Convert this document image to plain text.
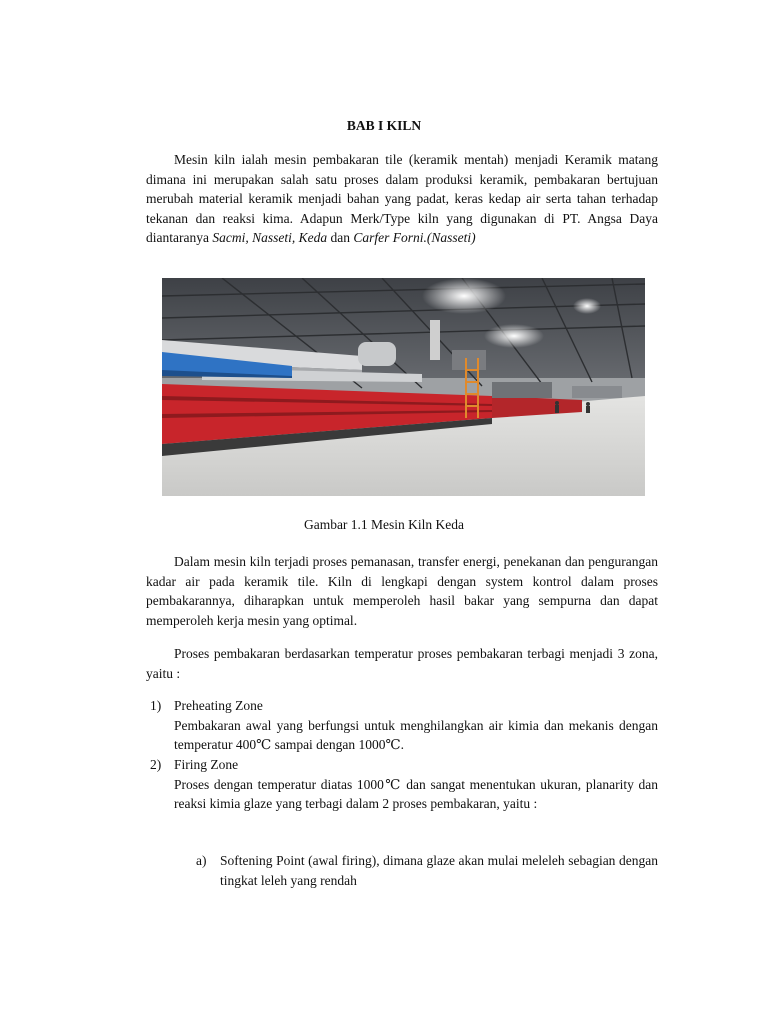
BAB I KILN

Mesin kiln ialah mesin pembakaran tile (keramik mentah) menjadi Keramik matang dimana ini merupakan salah satu proses dalam produksi keramik, pembakaran bertujuan merubah material keramik menjadi bahan yang padat, keras kedap air serta tahan terhadap tekanan dan reaksi kima. Adapun Merk/Type kiln yang digunakan di PT. Angsa Daya diantaranya Sacmi, Nasseti, Keda dan Carfer Forni.(Nasseti)

Gambar 1.1 Mesin Kiln Keda

Dalam mesin kiln terjadi proses pemanasan, transfer energi, penekanan dan pengurangan kadar air pada keramik tile. Kiln di lengkapi dengan system kontrol dalam proses pembakarannya, diharapkan untuk memperoleh hasil bakar yang sempurna dan dapat memperoleh kerja mesin yang optimal.

Proses pembakaran berdasarkan temperatur proses pembakaran terbagi menjadi 3 zona, yaitu :

1) Preheating Zone
Pembakaran awal yang berfungsi untuk menghilangkan air kimia dan mekanis dengan temperatur 400℃ sampai dengan 1000℃.
2) Firing Zone
Proses dengan temperatur diatas 1000℃ dan sangat menentukan ukuran, planarity dan reaksi kimia glaze yang terbagi dalam 2 proses pembakaran, yaitu :
a) Softening Point (awal firing), dimana glaze akan mulai meleleh sebagian dengan tingkat leleh yang rendah
